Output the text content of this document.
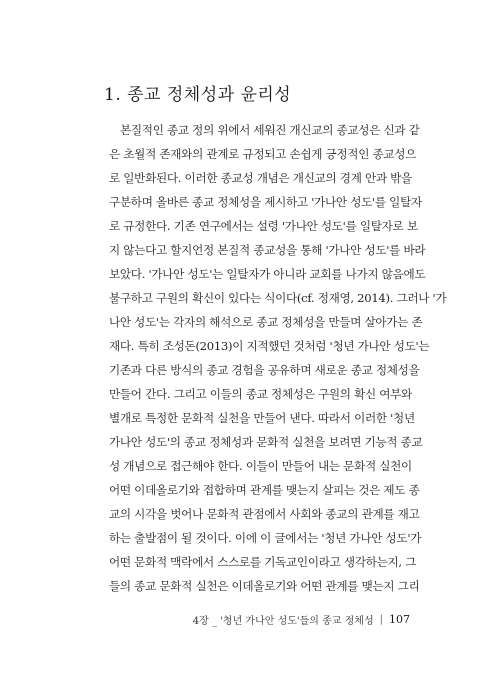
1. 종교 정체성과 윤리성
본질적인 종교 정의 위에서 세워진 개신교의 종교성은 신과 같
은 초월적 존재와의 관계로 규정되고 손쉽게 긍정적인 종교성으
로 일반화된다. 이러한 종교성 개념은 개신교의 경계 안과 밖을
구분하며 올바른 종교 정체성을 제시하고 '가나안 성도'를 일탈자
로 규정한다. 기존 연구에서는 설령 '가나안 성도'를 일탈자로 보
지 않는다고 할지언정 본질적 종교성을 통해 '가나안 성도'를 바라
보았다. '가나안 성도'는 일탈자가 아니라 교회를 나가지 않음에도
불구하고 구원의 확신이 있다는 식이다(cf. 정재영, 2014). 그러나 '가
나안 성도'는 각자의 해석으로 종교 정체성을 만들며 살아가는 존
재다. 특히 조성돈(2013)이 지적했던 것처럼 '청년 가나안 성도'는
기존과 다른 방식의 종교 경험을 공유하며 새로운 종교 정체성을
만들어 간다. 그리고 이들의 종교 정체성은 구원의 확신 여부와
별개로 특정한 문화적 실천을 만들어 낸다. 따라서 이러한 '청년
가나안 성도'의 종교 정체성과 문화적 실천을 보려면 기능적 종교
성 개념으로 접근해야 한다. 이들이 만들어 내는 문화적 실천이
어떤 이데올로기와 접합하며 관계를 맺는지 살피는 것은 제도 종
교의 시각을 벗어나 문화적 관점에서 사회와 종교의 관계를 재고
하는 출발점이 될 것이다. 이에 이 글에서는 '청년 가나안 성도'가
어떤 문화적 맥락에서 스스로를 기독교인이라고 생각하는지, 그
들의 종교 문화적 실천은 이데올로기와 어떤 관계를 맺는지 그리
4장 _ '청년 가나안 성도'들의 종교 정체성 | 107
